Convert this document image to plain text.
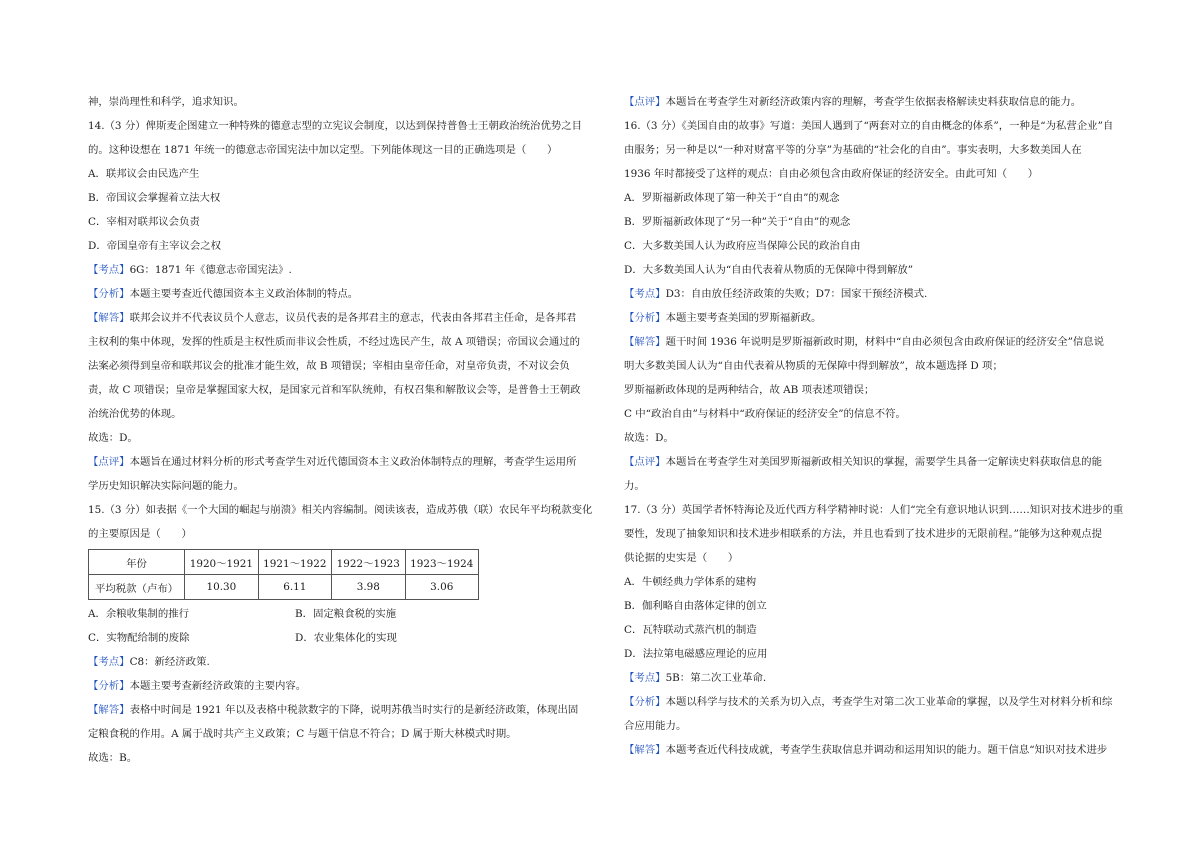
神，崇尚理性和科学，追求知识。
14.（3 分）俾斯麦企图建立一种特殊的德意志型的立宪议会制度，以达到保持普鲁士王朝政治统治优势之目
的。这种设想在 1871 年统一的德意志帝国宪法中加以定型。下列能体现这一目的正确选项是（　　）
A．联邦议会由民选产生
B．帝国议会掌握着立法大权
C．宰相对联邦议会负责
D．帝国皇帝有主宰议会之权
【考点】6G：1871 年《德意志帝国宪法》.
【分析】本题主要考查近代德国资本主义政治体制的特点。
【解答】联邦会议并不代表议员个人意志，议员代表的是各邦君主的意志，代表由各邦君主任命，是各邦君
主权利的集中体现，发挥的性质是主权性质而非议会性质，不经过选民产生，故 A 项错误；帝国议会通过的
法案必须得到皇帝和联邦议会的批准才能生效，故 B 项错误；宰相由皇帝任命，对皇帝负责，不对议会负
责，故 C 项错误；皇帝是掌握国家大权，是国家元首和军队统帅，有权召集和解散议会等，是普鲁士王朝政
治统治优势的体现。
故选：D。
【点评】本题旨在通过材料分析的形式考查学生对近代德国资本主义政治体制特点的理解，考查学生运用所
学历史知识解决实际问题的能力。
15.（3 分）如表据《一个大国的崛起与崩溃》相关内容编制。阅读该表，造成苏俄（联）农民年平均税款变化
的主要原因是（　　）
年份	1920～1921	1921～1922	1922～1923	1923～1924
平均税款（卢布）	10.30	6.11	3.98	3.06
A．余粮收集制的推行	B．固定粮食税的实施
C．实物配给制的废除	D．农业集体化的实现
【考点】C8：新经济政策.
【分析】本题主要考查新经济政策的主要内容。
【解答】表格中时间是 1921 年以及表格中税款数字的下降，说明苏俄当时实行的是新经济政策，体现出固
定粮食税的作用。A 属于战时共产主义政策；C 与题干信息不符合；D 属于斯大林模式时期。
故选：B。
【点评】本题旨在考查学生对新经济政策内容的理解，考查学生依据表格解读史料获取信息的能力。
16.（3 分）《美国自由的故事》写道：美国人遇到了“两套对立的自由概念的体系”，一种是“为私营企业”自
由服务；另一种是以“一种对财富平等的分享”为基础的“社会化的自由”。事实表明，大多数美国人在
1936 年时都接受了这样的观点：自由必须包含由政府保证的经济安全。由此可知（　　）
A．罗斯福新政体现了第一种关于“自由”的观念
B．罗斯福新政体现了“另一种”关于“自由”的观念
C．大多数美国人认为政府应当保障公民的政治自由
D．大多数美国人认为“自由代表着从物质的无保障中得到解放”
【考点】D3：自由放任经济政策的失败；D7：国家干预经济模式.
【分析】本题主要考查美国的罗斯福新政。
【解答】题干时间 1936 年说明是罗斯福新政时期，材料中“自由必须包含由政府保证的经济安全”信息说
明大多数美国人认为“自由代表着从物质的无保障中得到解放”，故本题选择 D 项；
罗斯福新政体现的是两种结合，故 AB 项表述项错误；
C 中“政治自由”与材料中“政府保证的经济安全”的信息不符。
故选：D。
【点评】本题旨在考查学生对美国罗斯福新政相关知识的掌握，需要学生具备一定解读史料获取信息的能
力。
17.（3 分）英国学者怀特海论及近代西方科学精神时说：人们“完全有意识地认识到……知识对技术进步的重
要性，发现了抽象知识和技术进步相联系的方法，并且也看到了技术进步的无限前程。”能够为这种观点提
供论据的史实是（　　）
A．牛顿经典力学体系的建构
B．伽利略自由落体定律的创立
C．瓦特联动式蒸汽机的制造
D．法拉第电磁感应理论的应用
【考点】5B：第二次工业革命.
【分析】本题以科学与技术的关系为切入点，考查学生对第二次工业革命的掌握，以及学生对材料分析和综
合应用能力。
【解答】本题考查近代科技成就，考查学生获取信息并调动和运用知识的能力。题干信息“知识对技术进步
